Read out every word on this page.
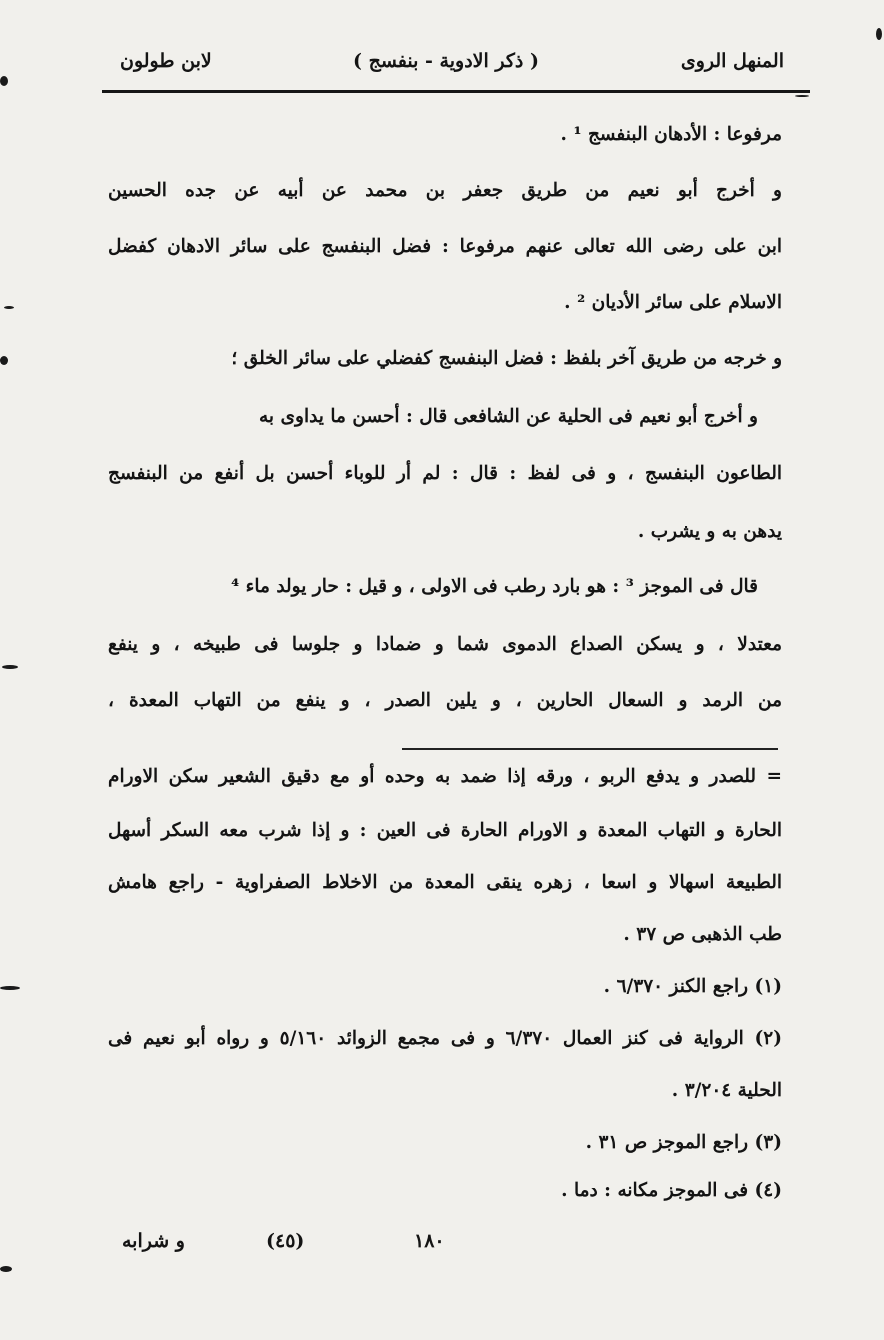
المنهل الروى
( ذكر الادوية - بنفسج )
لابن طولون
مرفوعا : الأدهان البنفسج ¹ .
و أخرج أبو نعيم من طريق جعفر بن محمد عن أبيه عن جده الحسين
ابن على رضى الله تعالى عنهم مرفوعا : فضل البنفسج على سائر الادهان كفضل
الاسلام على سائر الأديان ² .
و خرجه من طريق آخر بلفظ : فضل البنفسج كفضلي على سائر الخلق ؛
و أخرج أبو نعيم فى الحلية عن الشافعى قال : أحسن ما يداوى به
الطاعون البنفسج ، و فى لفظ : قال : لم أر للوباء أحسن بل أنفع من البنفسج
يدهن به و يشرب .
قال فى الموجز ³ : هو بارد رطب فى الاولى ، و قيل : حار يولد ماء ⁴
معتدلا ، و يسكن الصداع الدموى شما و ضمادا و جلوسا فى طبيخه ، و ينفع
من الرمد و السعال الحارين ، و يلين الصدر ، و ينفع من التهاب المعدة ،
= للصدر و يدفع الربو ، ورقه إذا ضمد به وحده أو مع دقيق الشعير سكن الاورام
الحارة و التهاب المعدة و الاورام الحارة فى العين : و إذا شرب معه السكر أسهل
الطبيعة اسهالا و اسعا ، زهره ينقى المعدة من الاخلاط الصفراوية - راجع هامش
طب الذهبى ص ٣٧ .
(١) راجع الكنز ٦/٣٧٠ .
(٢) الرواية فى كنز العمال ٦/٣٧٠ و فى مجمع الزوائد ٥/١٦٠ و رواه أبو نعيم فى
الحلية ٣/٢٠٤ .
(٣) راجع الموجز ص ٣١ .
(٤) فى الموجز مكانه : دما .
و شرابه	(٤٥)	١٨٠
